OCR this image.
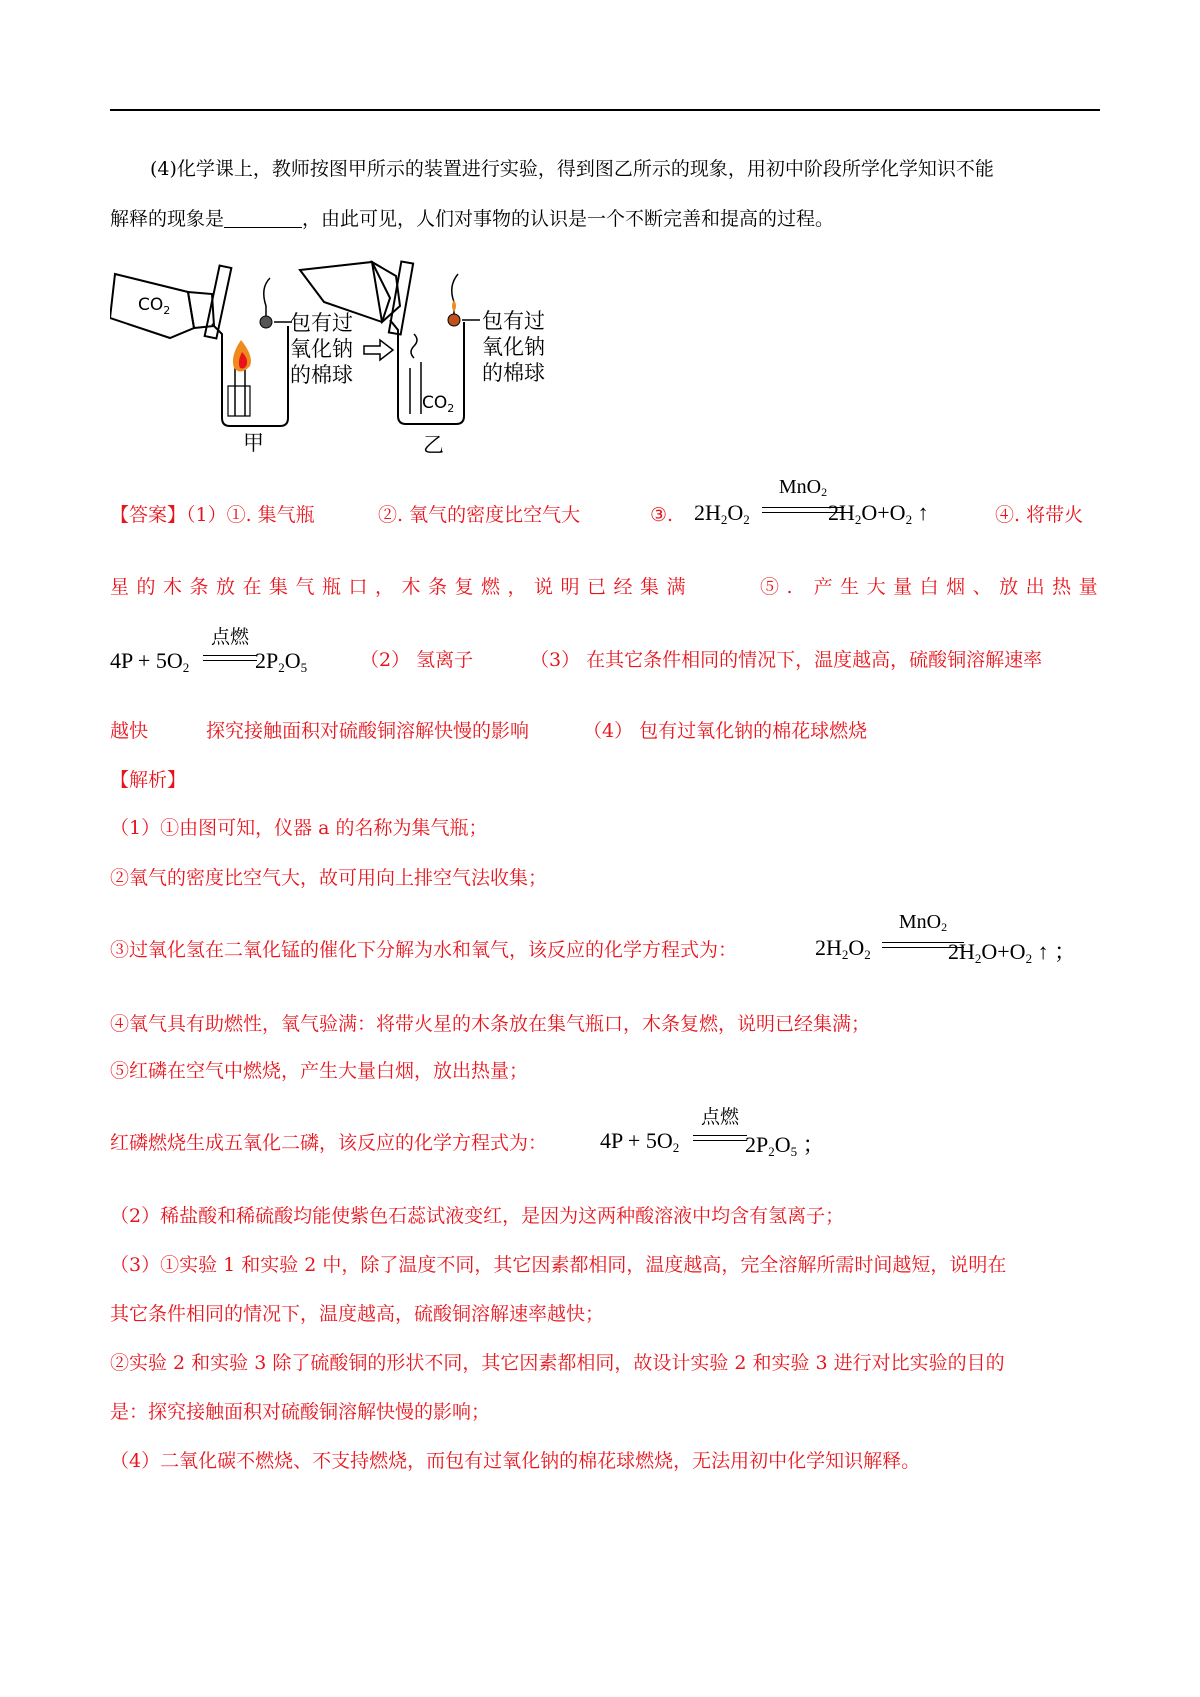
(4)化学课上，教师按图甲所示的装置进行实验，得到图乙所示的现象，用初中阶段所学化学知识不能
解释的现象是	，由此可见，人们对事物的认识是一个不断完善和提高的过程。
$CO_2$
包有过
氧化钠
的棉球
甲
$CO_2$
包有过
氧化钠
的棉球
乙
【答案】（1）①. 集气瓶	②. 氧气的密度比空气大	③.	④. 将带火
$2H_2O_2$
MnO$_2$
$2H_2O+O_2$ ↑
星的木条放在集气瓶口，木条复燃，说明已经集满	⑤. 产生大量白烟、放出热量
$4P + 5O_2$
点燃
$2P_2O_5$	（2） 氢离子	（3） 在其它条件相同的情况下，温度越高，硫酸铜溶解速率
越快	探究接触面积对硫酸铜溶解快慢的影响	（4） 包有过氧化钠的棉花球燃烧
【解析】
（1）①由图可知，仪器 a 的名称为集气瓶；
②氧气的密度比空气大，故可用向上排空气法收集；
③过氧化氢在二氧化锰的催化下分解为水和氧气，该反应的化学方程式为：	$2H_2O_2$
MnO$_2$
$2H_2O+O_2$ ↑ ；
④氧气具有助燃性，氧气验满：将带火星的木条放在集气瓶口，木条复燃，说明已经集满；
⑤红磷在空气中燃烧，产生大量白烟，放出热量；
红磷燃烧生成五氧化二磷，该反应的化学方程式为： $4P + 5O_2$
点燃
$2P_2O_5$ ；
（2）稀盐酸和稀硫酸均能使紫色石蕊试液变红，是因为这两种酸溶液中均含有氢离子；
（3）①实验 1 和实验 2 中，除了温度不同，其它因素都相同，温度越高，完全溶解所需时间越短，说明在
其它条件相同的情况下，温度越高，硫酸铜溶解速率越快；
②实验 2 和实验 3 除了硫酸铜的形状不同，其它因素都相同，故设计实验 2 和实验 3 进行对比实验的目的
是：探究接触面积对硫酸铜溶解快慢的影响；
（4）二氧化碳不燃烧、不支持燃烧，而包有过氧化钠的棉花球燃烧，无法用初中化学知识解释。
